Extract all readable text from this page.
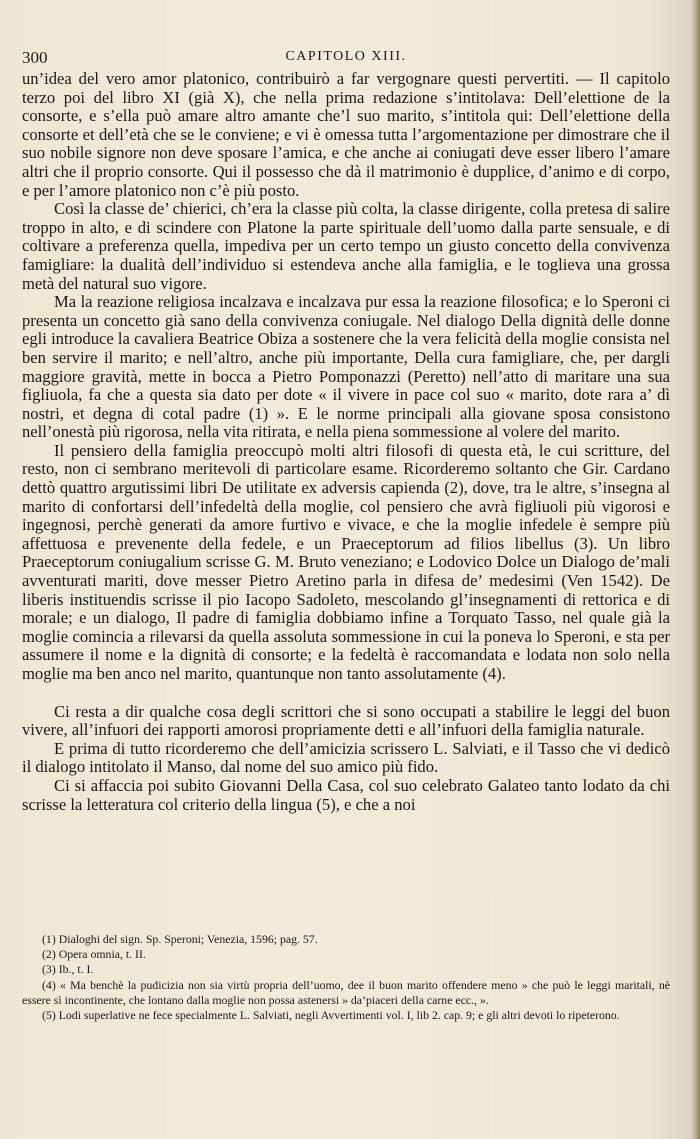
300	CAPITOLO XIII.

un’idea del vero amor platonico, contribuirò a far vergognare questi pervertiti. — Il capitolo terzo poi del libro XI (già X), che nella prima redazione s’intitolava: Dell’elettione de la consorte, e s’ella può amare altro amante che’l suo marito, s’intitola qui: Dell’elettione della consorte et dell’età che se le conviene; e vi è omessa tutta l’argomentazione per dimostrare che il suo nobile signore non deve sposare l’amica, e che anche ai coniugati deve esser libero l’amare altri che il proprio consorte. Qui il possesso che dà il matrimonio è dupplice, d’animo e di corpo, e per l’amore platonico non c’è più posto.

Così la classe de’ chierici, ch’era la classe più colta, la classe dirigente, colla pretesa di salire troppo in alto, e di scindere con Platone la parte spirituale dell’uomo dalla parte sensuale, e di coltivare a preferenza quella, impediva per un certo tempo un giusto concetto della convivenza famigliare: la dualità dell’individuo si estendeva anche alla famiglia, e le toglieva una grossa metà del natural suo vigore.

Ma la reazione religiosa incalzava e incalzava pur essa la reazione filosofica; e lo Speroni ci presenta un concetto già sano della convivenza coniugale. Nel dialogo Della dignità delle donne egli introduce la cavaliera Beatrice Obiza a sostenere che la vera felicità della moglie consista nel ben servire il marito; e nell’altro, anche più importante, Della cura famigliare, che, per dargli maggiore gravità, mette in bocca a Pietro Pomponazzi (Peretto) nell’atto di maritare una sua figliuola, fa che a questa sia dato per dote « il vivere in pace col suo « marito, dote rara a’ dì nostri, et degna di cotal padre (1) ». E le norme principali alla giovane sposa consistono nell’onestà più rigorosa, nella vita ritirata, e nella piena sommessione al volere del marito.

Il pensiero della famiglia preoccupò molti altri filosofi di questa età, le cui scritture, del resto, non ci sembrano meritevoli di particolare esame. Ricorderemo soltanto che Gir. Cardano dettò quattro argutissimi libri De utilitate ex adversis capienda (2), dove, tra le altre, s’insegna al marito di confortarsi dell’infedeltà della moglie, col pensiero che avrà figliuoli più vigorosi e ingegnosi, perchè generati da amore furtivo e vivace, e che la moglie infedele è sempre più affettuosa e prevenente della fedele, e un Praeceptorum ad filios libellus (3). Un libro Praeceptorum coniugalium scrisse G. M. Bruto veneziano; e Lodovico Dolce un Dialogo de’mali avventurati mariti, dove messer Pietro Aretino parla in difesa de’ medesimi (Ven 1542). De liberis instituendis scrisse il pio Iacopo Sadoleto, mescolando gl’insegnamenti di rettorica e di morale; e un dialogo, Il padre di famiglia dobbiamo infine a Torquato Tasso, nel quale già la moglie comincia a rilevarsi da quella assoluta sommessione in cui la poneva lo Speroni, e sta per assumere il nome e la dignità di consorte; e la fedeltà è raccomandata e lodata non solo nella moglie ma ben anco nel marito, quantunque non tanto assolutamente (4).

Ci resta a dir qualche cosa degli scrittori che si sono occupati a stabilire le leggi del buon vivere, all’infuori dei rapporti amorosi propriamente detti e all’infuori della famiglia naturale.

E prima di tutto ricorderemo che dell’amicizia scrissero L. Salviati, e il Tasso che vi dedicò il dialogo intitolato il Manso, dal nome del suo amico più fido.

Ci si affaccia poi subito Giovanni Della Casa, col suo celebrato Galateo tanto lodato da chi scrisse la letteratura col criterio della lingua (5), e che a noi

(1) Dialoghi del sign. Sp. Speroni; Venezia, 1596; pag. 57.

(2) Opera omnia, t. II.

(3) Ib., t. I.

(4) « Ma benchè la pudicizia non sia virtù propria dell’uomo, dee il buon marito offendere meno » che può le leggi maritali, nè essere sì incontinente, che lontano dalla moglie non possa astenersi » da’piaceri della carne ecc., ».

(5) Lodi superlative ne fece specialmente L. Salviati, negli Avvertimenti vol. I, lib 2. cap. 9; e gli altri devoti lo ripeterono.
